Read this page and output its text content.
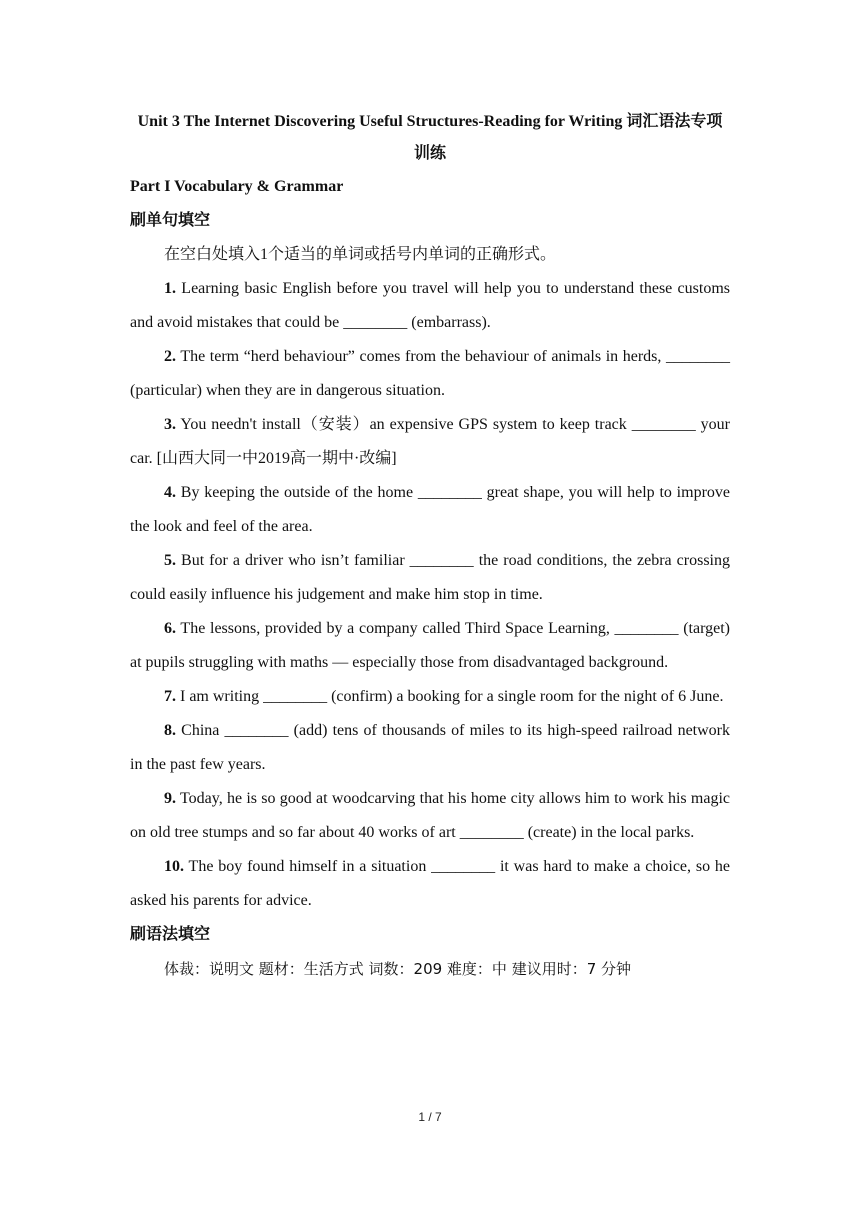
Unit 3 The Internet Discovering Useful Structures-Reading for Writing 词汇语法专项训练

Part I Vocabulary & Grammar

刷单句填空

在空白处填入1个适当的单词或括号内单词的正确形式。

1. Learning basic English before you travel will help you to understand these customs and avoid mistakes that could be ________ (embarrass).

2. The term “herd behaviour” comes from the behaviour of animals in herds, ________ (particular) when they are in dangerous situation.

3. You needn't install（安装）an expensive GPS system to keep track ________ your car. [山西大同一中2019高一期中·改编]

4. By keeping the outside of the home ________ great shape, you will help to improve the look and feel of the area.

5. But for a driver who isn’t familiar ________ the road conditions, the zebra crossing could easily influence his judgement and make him stop in time.

6. The lessons, provided by a company called Third Space Learning, ________ (target) at pupils struggling with maths — especially those from disadvantaged background.

7. I am writing ________ (confirm) a booking for a single room for the night of 6 June.

8. China ________ (add) tens of thousands of miles to its high-speed railroad network in the past few years.

9. Today, he is so good at woodcarving that his home city allows him to work his magic on old tree stumps and so far about 40 works of art ________ (create) in the local parks.

10. The boy found himself in a situation ________ it was hard to make a choice, so he asked his parents for advice.

刷语法填空

体裁：说明文 题材：生活方式 词数：209 难度：中 建议用时：7 分钟

1 / 7
